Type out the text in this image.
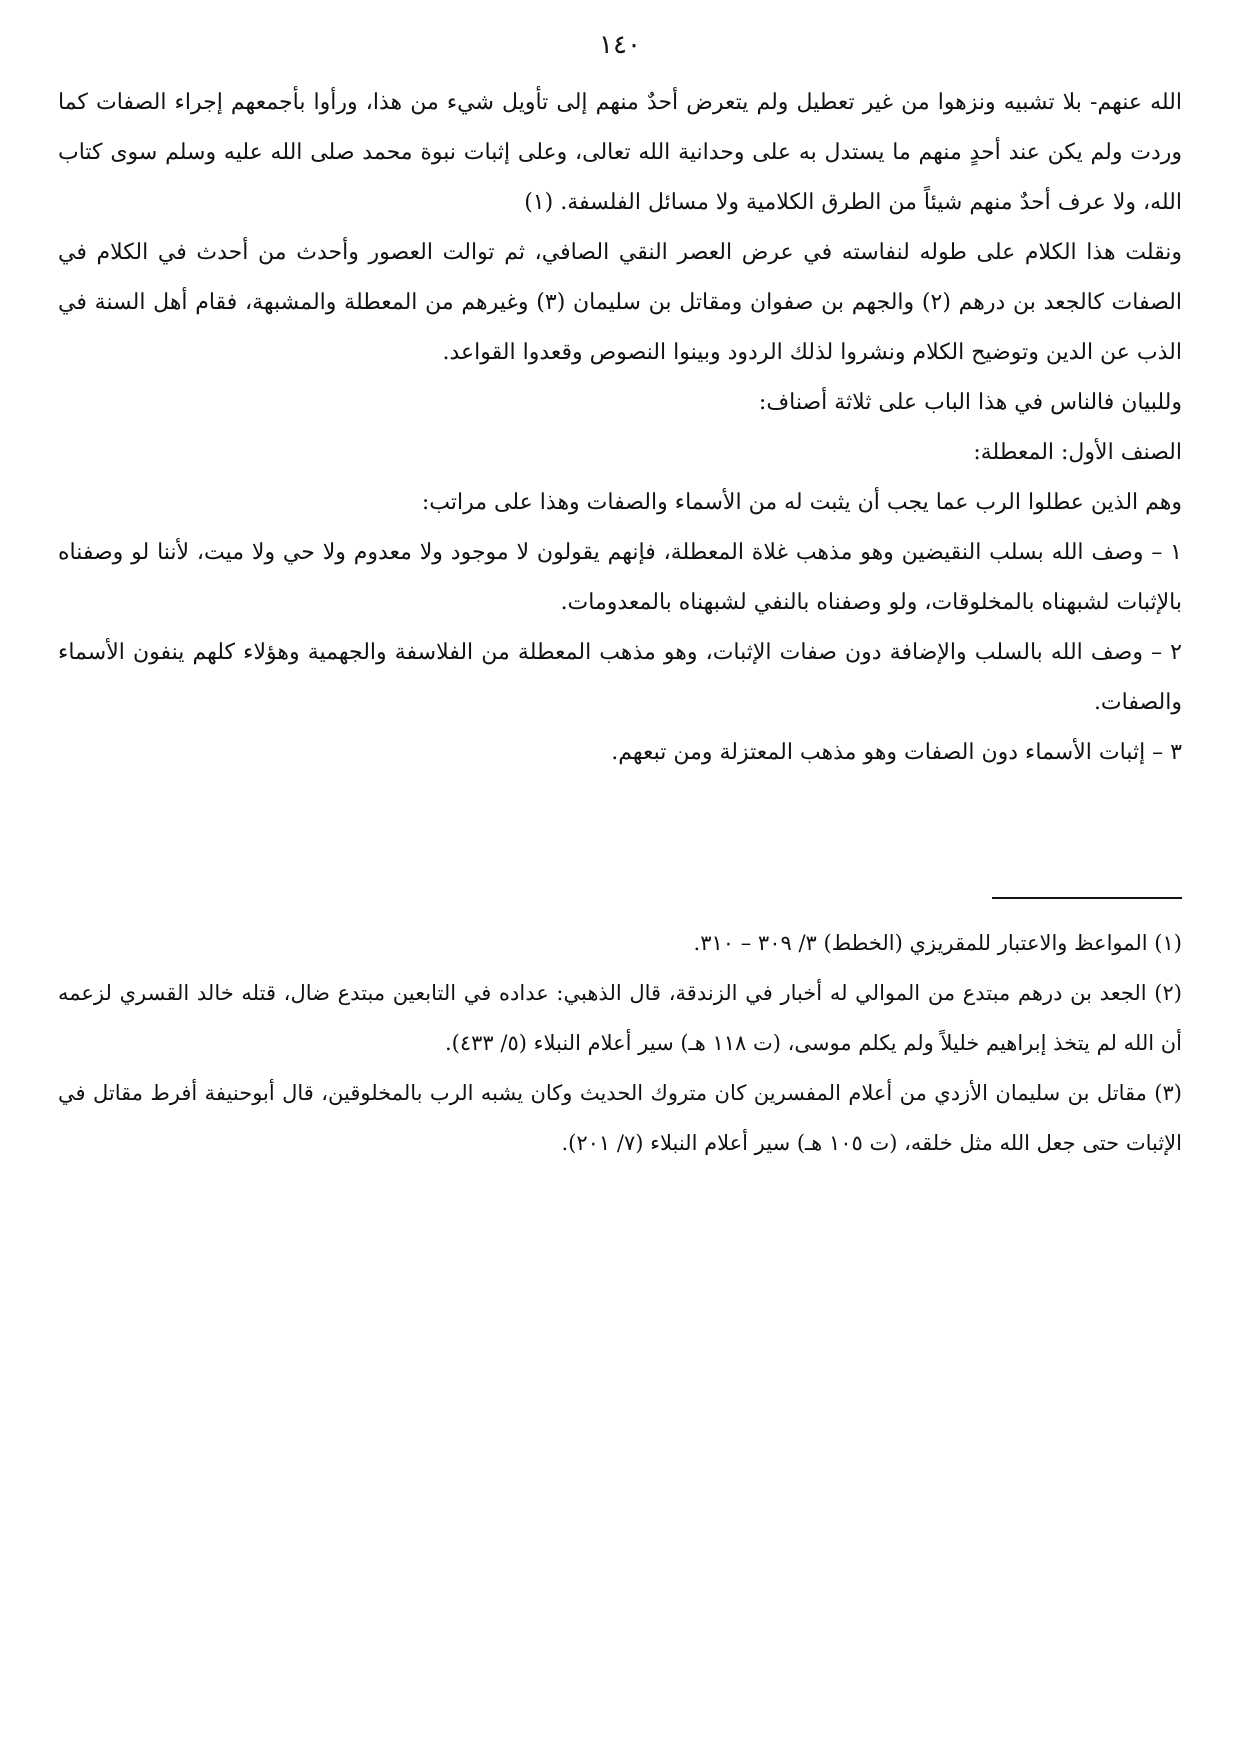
١٤٠

الله عنهم- بلا تشبيه ونزهوا من غير تعطيل ولم يتعرض أحدٌ منهم إلى تأويل شيء من هذا، ورأوا بأجمعهم إجراء الصفات كما وردت ولم يكن عند أحدٍ منهم ما يستدل به على وحدانية الله تعالى، وعلى إثبات نبوة محمد صلى الله عليه وسلم سوى كتاب الله، ولا عرف أحدٌ منهم شيئاً من الطرق الكلامية ولا مسائل الفلسفة. (١)

ونقلت هذا الكلام على طوله لنفاسته في عرض العصر النقي الصافي، ثم توالت العصور وأحدث من أحدث في الكلام في الصفات كالجعد بن درهم (٢) والجهم بن صفوان ومقاتل بن سليمان (٣) وغيرهم من المعطلة والمشبهة، فقام أهل السنة في الذب عن الدين وتوضيح الكلام ونشروا لذلك الردود وبينوا النصوص وقعدوا القواعد.

وللبيان فالناس في هذا الباب على ثلاثة أصناف:

الصنف الأول: المعطلة:

وهم الذين عطلوا الرب عما يجب أن يثبت له من الأسماء والصفات وهذا على مراتب:

١ – وصف الله بسلب النقيضين وهو مذهب غلاة المعطلة، فإنهم يقولون لا موجود ولا معدوم ولا حي ولا ميت، لأننا لو وصفناه بالإثبات لشبهناه بالمخلوقات، ولو وصفناه بالنفي لشبهناه بالمعدومات.

٢ – وصف الله بالسلب والإضافة دون صفات الإثبات، وهو مذهب المعطلة من الفلاسفة والجهمية وهؤلاء كلهم ينفون الأسماء والصفات.

٣ – إثبات الأسماء دون الصفات وهو مذهب المعتزلة ومن تبعهم.

(١) المواعظ والاعتبار للمقريزي (الخطط) ٣/ ٣٠٩ – ٣١٠.

(٢) الجعد بن درهم مبتدع من الموالي له أخبار في الزندقة، قال الذهبي: عداده في التابعين مبتدع ضال، قتله خالد القسري لزعمه أن الله لم يتخذ إبراهيم خليلاً ولم يكلم موسى، (ت ١١٨ هـ) سير أعلام النبلاء (٥/ ٤٣٣).

(٣) مقاتل بن سليمان الأزدي من أعلام المفسرين كان متروك الحديث وكان يشبه الرب بالمخلوقين، قال أبوحنيفة أفرط مقاتل في الإثبات حتى جعل الله مثل خلقه، (ت ١٠٥ هـ) سير أعلام النبلاء (٧/ ٢٠١).
